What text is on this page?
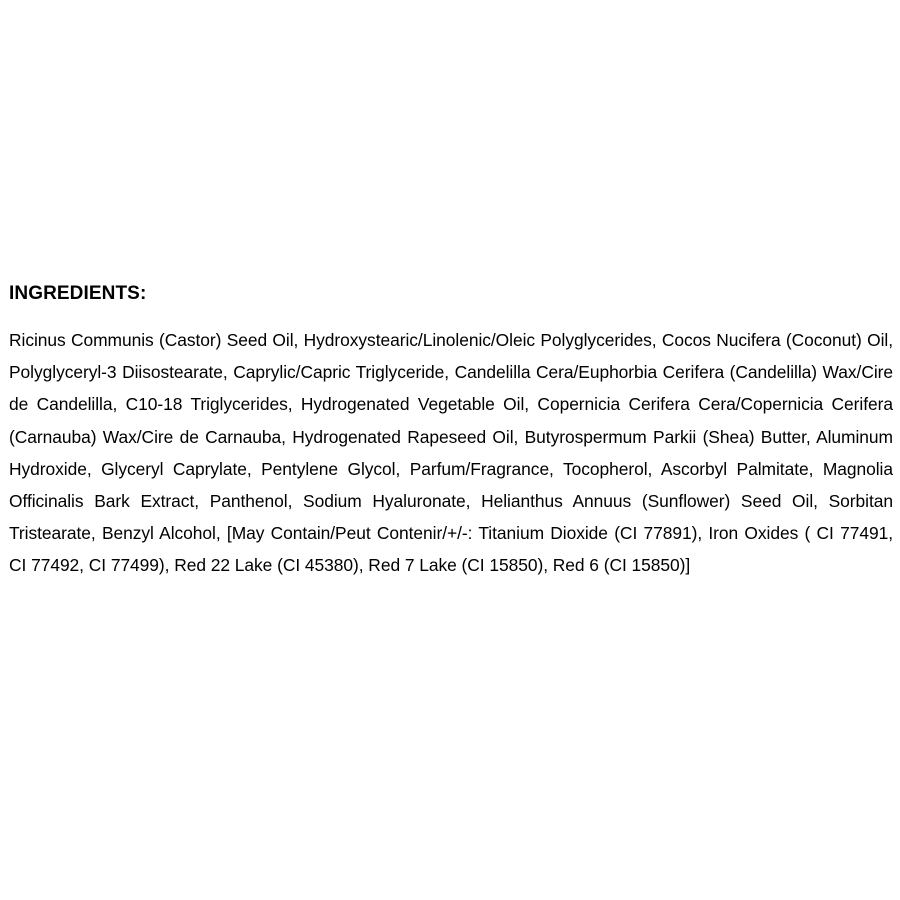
INGREDIENTS:

Ricinus Communis (Castor) Seed Oil, Hydroxystearic/Linolenic/Oleic Polyglycerides, Cocos Nucifera (Coconut) Oil, Polyglyceryl-3 Diisostearate, Caprylic/Capric Triglyceride, Candelilla Cera/Euphorbia Cerifera (Candelilla) Wax/Cire de Candelilla, C10-18 Triglycerides, Hydrogenated Vegetable Oil, Copernicia Cerifera Cera/Copernicia Cerifera (Carnauba) Wax/Cire de Carnauba, Hydrogenated Rapeseed Oil, Butyrospermum Parkii (Shea) Butter, Aluminum Hydroxide, Glyceryl Caprylate, Pentylene Glycol, Parfum/Fragrance, Tocopherol, Ascorbyl Palmitate, Magnolia Officinalis Bark Extract, Panthenol, Sodium Hyaluronate, Helianthus Annuus (Sunflower) Seed Oil, Sorbitan Tristearate, Benzyl Alcohol, [May Contain/Peut Contenir/+/-: Titanium Dioxide (CI 77891), Iron Oxides ( CI 77491, CI 77492, CI 77499), Red 22 Lake (CI 45380), Red 7 Lake (CI 15850), Red 6 (CI 15850)]
